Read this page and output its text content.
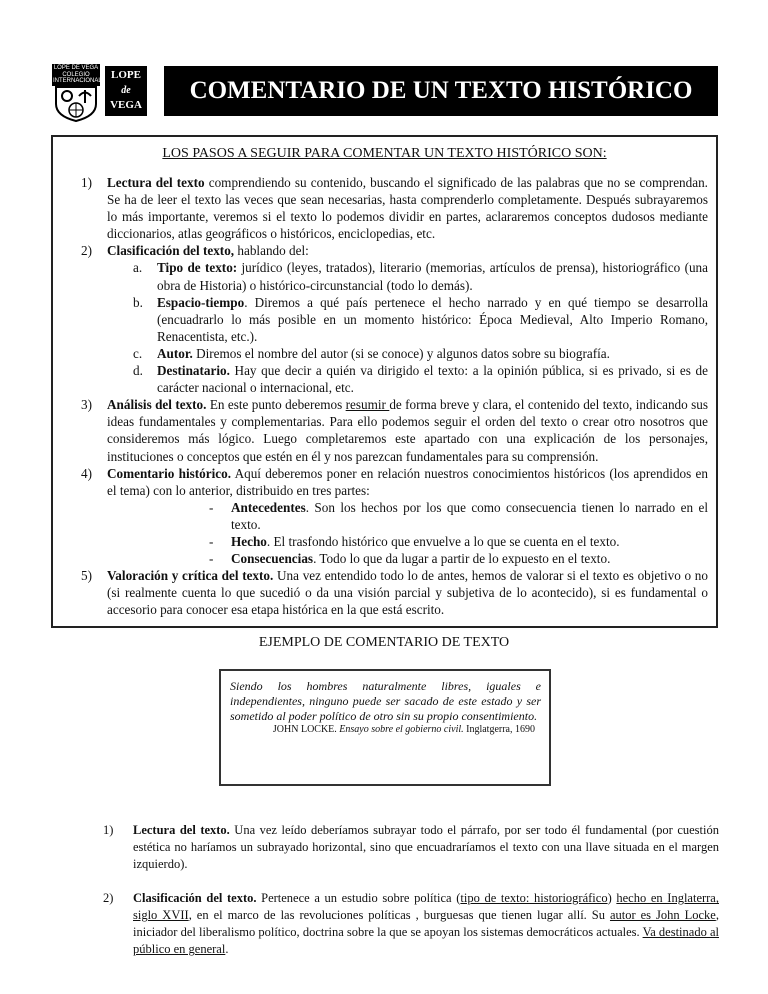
LOPE DE VEGA COLEGIO INTERNACIONAL LOPE
de
VEGA
COMENTARIO DE UN TEXTO HISTÓRICO
LOS PASOS A SEGUIR PARA COMENTAR UN TEXTO HISTÓRICO SON:
1) Lectura del texto comprendiendo su contenido, buscando el significado de las palabras que no se comprendan. Se ha de leer el texto las veces que sean necesarias, hasta comprenderlo completamente. Después subrayaremos lo más importante, veremos si el texto lo podemos dividir en partes, aclararemos conceptos dudosos mediante diccionarios, atlas geográficos o históricos, enciclopedias, etc.
2) Clasificación del texto, hablando del:
a. Tipo de texto: jurídico (leyes, tratados), literario (memorias, artículos de prensa), historiográfico (una obra de Historia) o histórico-circunstancial (todo lo demás).
b. Espacio-tiempo. Diremos a qué país pertenece el hecho narrado y en qué tiempo se desarrolla (encuadrarlo lo más posible en un momento histórico: Época Medieval, Alto Imperio Romano, Renacentista, etc.).
c. Autor. Diremos el nombre del autor (si se conoce) y algunos datos sobre su biografía.
d. Destinatario. Hay que decir a quién va dirigido el texto: a la opinión pública, si es privado, si es de carácter nacional o internacional, etc.
3) Análisis del texto. En este punto deberemos resumir de forma breve y clara, el contenido del texto, indicando sus ideas fundamentales y complementarias. Para ello podemos seguir el orden del texto o crear otro nosotros que consideremos más lógico. Luego completaremos este apartado con una explicación de los personajes, instituciones o conceptos que estén en él y nos parezcan fundamentales para su comprensión.
4) Comentario histórico. Aquí deberemos poner en relación nuestros conocimientos históricos (los aprendidos en el tema) con lo anterior, distribuido en tres partes:
- Antecedentes. Son los hechos por los que como consecuencia tienen lo narrado en el texto.
- Hecho. El trasfondo histórico que envuelve a lo que se cuenta en el texto.
- Consecuencias. Todo lo que da lugar a partir de lo expuesto en el texto.
5) Valoración y crítica del texto. Una vez entendido todo lo de antes, hemos de valorar si el texto es objetivo o no (si realmente cuenta lo que sucedió o da una visión parcial y subjetiva de lo acontecido), si es fundamental o accesorio para conocer esa etapa histórica en la que está escrito.
EJEMPLO DE COMENTARIO DE TEXTO
Siendo los hombres naturalmente libres, iguales e independientes, ninguno puede ser sacado de este estado y ser sometido al poder político de otro sin su propio consentimiento.
JOHN LOCKE. Ensayo sobre el gobierno civil. Inglatgerra, 1690
1) Lectura del texto. Una vez leído deberíamos subrayar todo el párrafo, por ser todo él fundamental (por cuestión estética no haríamos un subrayado horizontal, sino que encuadraríamos el texto con una llave situada en el margen izquierdo).
2) Clasificación del texto. Pertenece a un estudio sobre política (tipo de texto: historiográfico) hecho en Inglaterra, siglo XVII, en el marco de las revoluciones políticas , burguesas que tienen lugar allí. Su autor es John Locke, iniciador del liberalismo político, doctrina sobre la que se apoyan los sistemas democráticos actuales. Va destinado al público en general.
